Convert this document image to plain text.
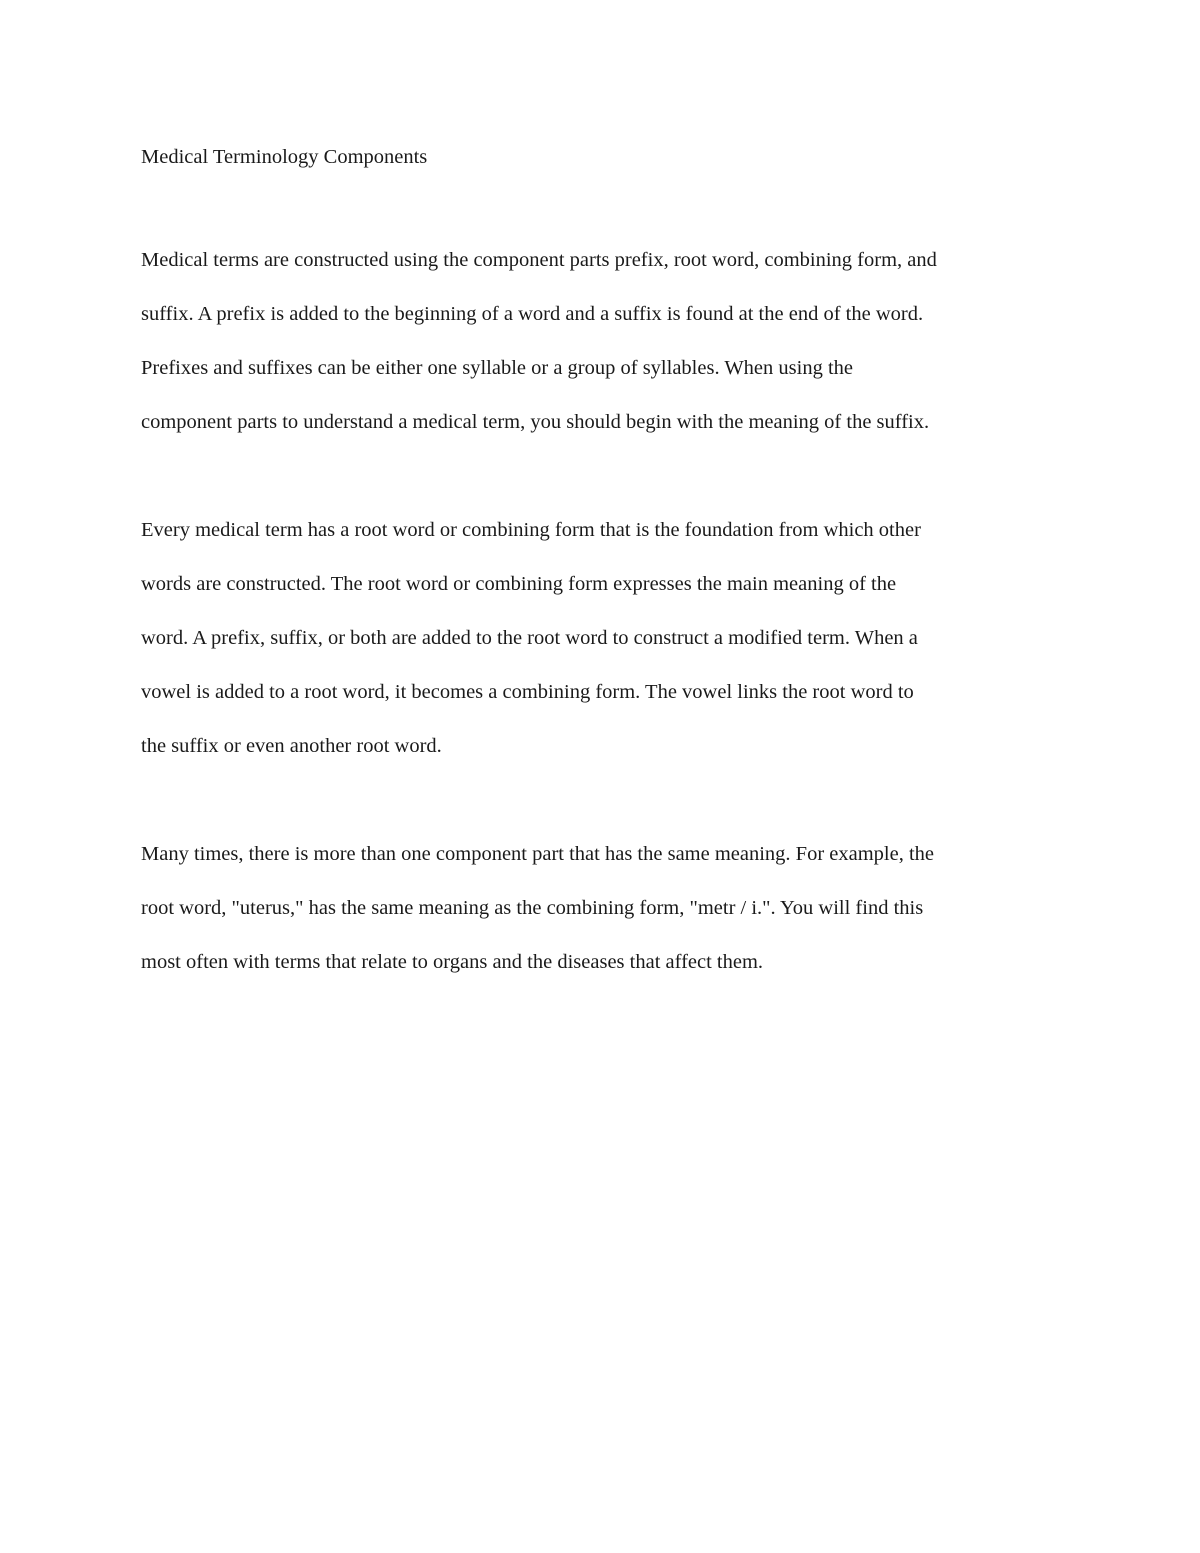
Medical Terminology Components

Medical terms are constructed using the component parts prefix, root word, combining form, and
suffix. A prefix is added to the beginning of a word and a suffix is found at the end of the word.
Prefixes and suffixes can be either one syllable or a group of syllables. When using the
component parts to understand a medical term, you should begin with the meaning of the suffix.

Every medical term has a root word or combining form that is the foundation from which other
words are constructed. The root word or combining form expresses the main meaning of the
word. A prefix, suffix, or both are added to the root word to construct a modified term. When a
vowel is added to a root word, it becomes a combining form. The vowel links the root word to
the suffix or even another root word.

Many times, there is more than one component part that has the same meaning. For example, the
root word, "uterus," has the same meaning as the combining form, "metr / i.". You will find this
most often with terms that relate to organs and the diseases that affect them.
